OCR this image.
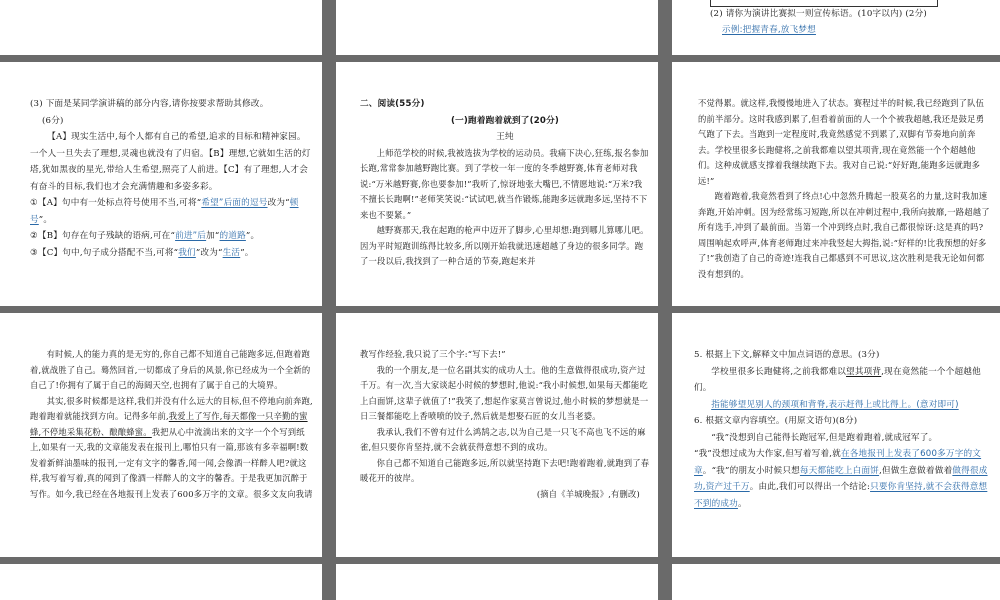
(2) 请你为演讲比赛拟一则宣传标语。(10字以内) (2分)

示例:把握青春,放飞梦想

(3) 下面是某同学演讲稿的部分内容,请你按要求帮助其修改。

(6分)

【A】现实生活中,每个人都有自己的希望,追求的目标和精神家园。一个人一旦失去了理想,灵魂也就没有了归宿。【B】理想,它就如生活的灯塔,犹如黑夜的星光,带给人生希望,照亮了人前进。【C】有了理想,人才会有奋斗的目标,我们也才会充满情趣和多姿多彩。

①【A】句中有一处标点符号使用不当,可将“希望”后面的逗号改为“顿号”。

②【B】句存在句子残缺的语病,可在“前进”后加“的道路”。

③【C】句中,句子成分搭配不当,可将“我们”改为“生活”。

二、阅读(55分)

(一)跑着跑着就到了(20分)

王纯

上师范学校的时候,我被选拔为学校的运动员。我痛下决心,狂练,报名参加长跑,常常参加越野跑比赛。到了学校一年一度的冬季越野赛,体育老师对我说:“万米越野赛,你也要参加!”我听了,惊讶地张大嘴巴,不情愿地说:“万米?我不擅长长跑啊!”老师笑笑说:“试试吧,就当作锻炼,能跑多远就跑多远,坚持不下来也不要紧。”

越野赛那天,我在起跑的枪声中迈开了脚步,心里却想:跑到哪儿算哪儿吧。因为平时短跑训练得比较多,所以刚开始我就迅速超越了身边的很多同学。跑了一段以后,我找到了一种合适的节奏,跑起来并

不觉得累。就这样,我慢慢地进入了状态。赛程过半的时候,我已经跑到了队伍的前半部分。这时我感到累了,但看着前面的人一个个被我超越,我还是鼓足勇气跑了下去。当跑到一定程度时,我竟然感觉不到累了,双脚有节奏地向前奔去。学校里很多长跑健将,之前我都难以望其项背,现在竟然能一个个超越他们。这种成就感支撑着我继续跑下去。我对自己说:“好好跑,能跑多远就跑多远!”

跑着跑着,我竟然看到了终点!心中忽然升腾起一股莫名的力量,这时我加速奔跑,开始冲刺。因为经常练习短跑,所以在冲刺过程中,我所向披靡,一路超越了所有选手,冲到了最前面。当第一个冲到终点时,我自己都很惊讶:这是真的吗?周围响起欢呼声,体育老师跑过来冲我竖起大拇指,说:“好样的!比我预想的好多了!”我创造了自己的奇迹!连我自己都感到不可思议,这次胜利是我无论如何都没有想到的。

有时候,人的能力真的是无穷的,你自己都不知道自己能跑多远,但跑着跑着,就战胜了自己。蓦然回首,一切都成了身后的风景,你已经成为一个全新的自己了!你拥有了属于自己的海阔天空,也拥有了属于自己的大境界。

其实,很多时候都是这样,我们并没有什么远大的目标,但不停地向前奔跑,跑着跑着就能找到方向。记得多年前,我爱上了写作,每天都像一只辛勤的蜜蜂,不停地采集花粉、酿酿蜂蜜。我把从心中流淌出来的文字一个个写到纸上,如果有一天,我的文章能发表在报刊上,哪怕只有一篇,那该有多幸福啊!数发着新鲜油墨味的报刊,一定有文字的馨香,闻一闻,会像酒一样醉人吧?就这样,我写着写着,真的闻到了像酒一样醉人的文字的馨香。于是我更加沉醉于写作。如今,我已经在各地报刊上发表了600多万字的文章。很多文友向我请

教写作经验,我只说了三个字:“写下去!”

我的一个朋友,是一位名副其实的成功人士。他的生意做得很成功,资产过千万。有一次,当大家谈起小时候的梦想时,他说:“我小时候想,如果每天都能吃上白面饼,这辈子就值了!”我笑了,想起作家莫言曾说过,他小时候的梦想就是一日三餐都能吃上香喷喷的饺子,然后就是想娶石匠的女儿当老婆。

我承认,我们不曾有过什么鸿鹄之志,以为自己是一只飞不高也飞不远的麻雀,但只要你肯坚持,就不会就获得意想不到的成功。

你自己都不知道自己能跑多远,所以就坚持跑下去吧!跑着跑着,就跑到了春暖花开的彼岸。

(摘自《羊城晚报》,有删改)

5. 根据上下文,解释文中加点词语的意思。(3分)

学校里很多长跑健将,之前我都难以望其项背,现在竟然能一个个超越他们。

指能够望见别人的颈项和背脊,表示赶得上或比得上。(意对即可)

6. 根据文章内容填空。(用原文语句)(8分)

“我”没想到自己能得长跑冠军,但是跑着跑着,就成冠军了。

“我”没想过成为大作家,但写着写着,就在各地报刊上发表了600多万字的文章。“我”的朋友小时候只想每天都能吃上白面饼,但做生意做着做着做得很成功,资产过千万。由此,我们可以得出一个结论:只要你肯坚持,就不会获得意想不到的成功。
